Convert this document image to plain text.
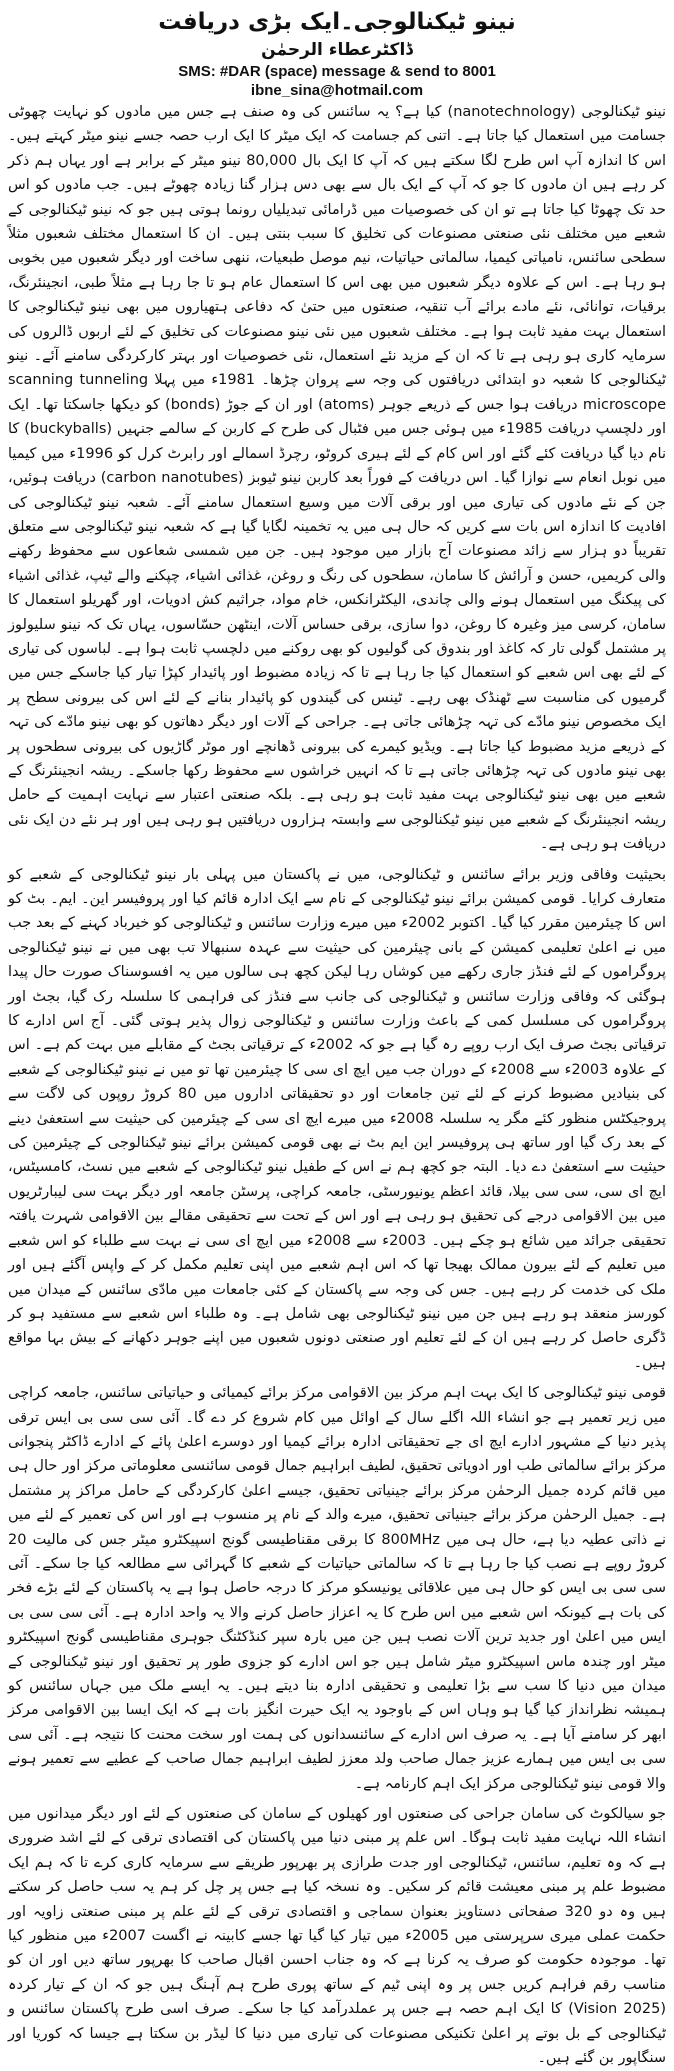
نینو ٹیکنالوجی۔ایک بڑی دریافت

ڈاکٹرعطاء الرحمٰن

SMS: #DAR (space) message & send to 8001

ibne_sina@hotmail.com

نینو ٹیکنالوجی (nanotechnology) کیا ہے؟ یہ سائنس کی وہ صنف ہے جس میں مادوں کو نہایت چھوٹی جسامت میں استعمال کیا جاتا ہے۔ اتنی کم جسامت کہ ایک میٹر کا ایک ارب حصہ جسے نینو میٹر کہتے ہیں۔ اس کا اندازہ آپ اس طرح لگا سکتے ہیں کہ آپ کا ایک بال 80,000 نینو میٹر کے برابر ہے اور یہاں ہم ذکر کر رہے ہیں ان مادوں کا جو کہ آپ کے ایک بال سے بھی دس ہزار گنا زیادہ چھوٹے ہیں۔ جب مادوں کو اس حد تک چھوٹا کیا جاتا ہے تو ان کی خصوصیات میں ڈرامائی تبدیلیاں رونما ہوتی ہیں جو کہ نینو ٹیکنالوجی کے شعبے میں مختلف نئی صنعتی مصنوعات کی تخلیق کا سبب بنتی ہیں۔ ان کا استعمال مختلف شعبوں مثلاً سطحی سائنس، نامیاتی کیمیا، سالماتی حیاتیات، نیم موصل طبعیات، ننھی ساخت اور دیگر شعبوں میں بخوبی ہو رہا ہے۔ اس کے علاوہ دیگر شعبوں میں بھی اس کا استعمال عام ہو تا جا رہا ہے مثلاً طبی، انجینئرنگ، برقیات، توانائی، نئے مادے برائے آب تنقیہ، صنعتوں میں حتیٰ کہ دفاعی ہتھیاروں میں بھی نینو ٹیکنالوجی کا استعمال بہت مفید ثابت ہوا ہے۔ مختلف شعبوں میں نئی نینو مصنوعات کی تخلیق کے لئے اربوں ڈالروں کی سرمایہ کاری ہو رہی ہے تا کہ ان کے مزید نئے استعمال، نئی خصوصیات اور بہتر کارکردگی سامنے آئے۔ نینو ٹیکنالوجی کا شعبہ دو ابتدائی دریافتوں کی وجہ سے پروان چڑھا۔ 1981ء میں پہلا scanning tunneling microscope دریافت ہوا جس کے ذریعے جوہر (atoms) اور ان کے جوڑ (bonds) کو دیکھا جاسکتا تھا۔ ایک اور دلچسپ دریافت 1985ء میں ہوئی جس میں فٹبال کی طرح کے کاربن کے سالمے جنہیں (buckyballs) کا نام دیا گیا دریافت کئے گئے اور اس کام کے لئے ہیری کروٹو، رچرڈ اسمالے اور رابرٹ کرل کو 1996ء میں کیمیا میں نوبل انعام سے نوازا گیا۔ اس دریافت کے فوراً بعد کاربن نینو ٹیوبز (carbon nanotubes) دریافت ہوئیں، جن کے نئے مادوں کی تیاری میں اور برقی آلات میں وسیع استعمال سامنے آئے۔ شعبہ نینو ٹیکنالوجی کی افادیت کا اندازہ اس بات سے کریں کہ حال ہی میں یہ تخمینہ لگایا گیا ہے کہ شعبہ نینو ٹیکنالوجی سے متعلق تقریباً دو ہزار سے زائد مصنوعات آج بازار میں موجود ہیں۔ جن میں شمسی شعاعوں سے محفوظ رکھنے والی کریمیں، حسن و آرائش کا سامان، سطحوں کی رنگ و روغن، غذائی اشیاء، چپکنے والے ٹیپ، غذائی اشیاء کی پیکنگ میں استعمال ہونے والی چاندی، الیکٹرانکس، خام مواد، جراثیم کش ادویات، اور گھریلو استعمال کا سامان، کرسی میز وغیرہ کا روغن، دوا سازی، برقی حساس آلات، اینٹھن حسّاسوں، یہاں تک کہ نینو سلیولوز پر مشتمل گولی تار کہ کاغذ اور بندوق کی گولیوں کو بھی روکنے میں دلچسپ ثابت ہوا ہے۔ لباسوں کی تیاری کے لئے بھی اس شعبے کو استعمال کیا جا رہا ہے تا کہ زیادہ مضبوط اور پائیدار کپڑا تیار کیا جاسکے جس میں گرمیوں کی مناسبت سے ٹھنڈک بھی رہے۔ ٹینس کی گیندوں کو پائیدار بنانے کے لئے اس کی بیرونی سطح پر ایک مخصوص نینو مادّے کی تہہ چڑھائی جاتی ہے۔ جراحی کے آلات اور دیگر دھاتوں کو بھی نینو مادّے کی تہہ کے ذریعے مزید مضبوط کیا جاتا ہے۔ ویڈیو کیمرے کی بیرونی ڈھانچے اور موٹر گاڑیوں کی بیرونی سطحوں پر بھی نینو مادوں کی تہہ چڑھائی جاتی ہے تا کہ انہیں خراشوں سے محفوظ رکھا جاسکے۔ ریشہ انجینئرنگ کے شعبے میں بھی نینو ٹیکنالوجی بہت مفید ثابت ہو رہی ہے۔ بلکہ صنعتی اعتبار سے نہایت اہمیت کے حامل ریشہ انجینئرنگ کے شعبے میں نینو ٹیکنالوجی سے وابستہ ہزاروں دریافتیں ہو رہی ہیں اور ہر نئے دن ایک نئی دریافت ہو رہی ہے۔

بحیثیت وفاقی وزیر برائے سائنس و ٹیکنالوجی، میں نے پاکستان میں پہلی بار نینو ٹیکنالوجی کے شعبے کو متعارف کرایا۔ قومی کمیشن برائے نینو ٹیکنالوجی کے نام سے ایک ادارہ قائم کیا اور پروفیسر این۔ ایم۔ بٹ کو اس کا چیئرمین مقرر کیا گیا۔ اکتوبر 2002ء میں میرے وزارت سائنس و ٹیکنالوجی کو خیرباد کہنے کے بعد جب میں نے اعلیٰ تعلیمی کمیشن کے بانی چیئرمین کی حیثیت سے عہدہ سنبھالا تب بھی میں نے نینو ٹیکنالوجی پروگراموں کے لئے فنڈز جاری رکھے میں کوشاں رہا لیکن کچھ ہی سالوں میں یہ افسوسناک صورت حال پیدا ہوگئی کہ وفاقی وزارت سائنس و ٹیکنالوجی کی جانب سے فنڈز کی فراہمی کا سلسلہ رک گیا، بجٹ اور پروگراموں کی مسلسل کمی کے باعث وزارت سائنس و ٹیکنالوجی زوال پذیر ہوتی گئی۔ آج اس ادارے کا ترقیاتی بجٹ صرف ایک ارب روپے رہ گیا ہے جو کہ 2002ء کے ترقیاتی بجٹ کے مقابلے میں بہت کم ہے۔ اس کے علاوہ 2003ء سے 2008ء کے دوران جب میں ایچ ای سی کا چیئرمین تھا تو میں نے نینو ٹیکنالوجی کے شعبے کی بنیادیں مضبوط کرنے کے لئے تین جامعات اور دو تحقیقاتی اداروں میں 80 کروڑ روپوں کی لاگت سے پروجیکٹس منظور کئے مگر یہ سلسلہ 2008ء میں میرے ایچ ای سی کے چیئرمین کی حیثیت سے استعفیٰ دینے کے بعد رک گیا اور ساتھ ہی پروفیسر این ایم بٹ نے بھی قومی کمیشن برائے نینو ٹیکنالوجی کے چیئرمین کی حیثیت سے استعفیٰ دے دیا۔ البتہ جو کچھ ہم نے اس کے طفیل نینو ٹیکنالوجی کے شعبے میں نسٹ، کامسیٹس، ایچ ای سی، سی سی بیلا، قائد اعظم یونیورسٹی، جامعہ کراچی، پرسٹن جامعہ اور دیگر بہت سی لیبارٹریوں میں بین الاقوامی درجے کی تحقیق ہو رہی ہے اور اس کے تحت سے تحقیقی مقالے بین الاقوامی شہرت یافتہ تحقیقی جرائد میں شائع ہو چکے ہیں۔ 2003ء سے 2008ء میں ایچ ای سی نے بہت سے طلباء کو اس شعبے میں تعلیم کے لئے بیرون ممالک بھیجا تھا کہ اس اہم شعبے میں اپنی تعلیم مکمل کر کے واپس آگئے ہیں اور ملک کی خدمت کر رہے ہیں۔ جس کی وجہ سے پاکستان کے کئی جامعات میں مادّی سائنس کے میدان میں کورسز منعقد ہو رہے ہیں جن میں نینو ٹیکنالوجی بھی شامل ہے۔ وہ طلباء اس شعبے سے مستفید ہو کر ڈگری حاصل کر رہے ہیں ان کے لئے تعلیم اور صنعتی دونوں شعبوں میں اپنے جوہر دکھانے کے بیش بہا مواقع ہیں۔

قومی نینو ٹیکنالوجی کا ایک بہت اہم مرکز بین الاقوامی مرکز برائے کیمیائی و حیاتیاتی سائنس، جامعہ کراچی میں زیر تعمیر ہے جو انشاء اللہ اگلے سال کے اوائل میں کام شروع کر دے گا۔ آئی سی سی بی ایس ترقی پذیر دنیا کے مشہور ادارے ایچ ای جے تحقیقاتی ادارہ برائے کیمیا اور دوسرے اعلیٰ پائے کے ادارے ڈاکٹر پنجوانی مرکز برائے سالماتی طب اور ادویاتی تحقیق، لطیف ابراہیم جمال قومی سائنسی معلوماتی مرکز اور حال ہی میں قائم کردہ جمیل الرحمٰن مرکز برائے جینیاتی تحقیق، جیسے اعلیٰ کارکردگی کے حامل مراکز پر مشتمل ہے۔ جمیل الرحمٰن مرکز برائے جینیاتی تحقیق، میرے والد کے نام پر منسوب ہے اور اس کی تعمیر کے لئے میں نے ذاتی عطیہ دیا ہے، حال ہی میں 800MHz کا برقی مقناطیسی گونج اسپیکٹرو میٹر جس کی مالیت 20 کروڑ روپے ہے نصب کیا جا رہا ہے تا کہ سالماتی حیاتیات کے شعبے کا گہرائی سے مطالعہ کیا جا سکے۔ آئی سی سی بی ایس کو حال ہی میں علاقائی یونیسکو مرکز کا درجہ حاصل ہوا ہے یہ پاکستان کے لئے بڑے فخر کی بات ہے کیونکہ اس شعبے میں اس طرح کا یہ اعزاز حاصل کرنے والا یہ واحد ادارہ ہے۔ آئی سی سی بی ایس میں اعلیٰ اور جدید ترین آلات نصب ہیں جن میں بارہ سپر کنڈکٹنگ جوہری مقناطیسی گونج اسپیکٹرو میٹر اور چندہ ماس اسپیکٹرو میٹر شامل ہیں جو اس ادارے کو جزوی طور پر تحقیق اور نینو ٹیکنالوجی کے میدان میں دنیا کا سب سے بڑا تعلیمی و تحقیقی ادارہ بنا دیتے ہیں۔ یہ ایسے ملک میں جہاں سائنس کو ہمیشہ نظرانداز کیا گیا ہو وہاں اس کے باوجود یہ ایک حیرت انگیز بات ہے کہ ایک ایسا بین الاقوامی مرکز ابھر کر سامنے آیا ہے۔ یہ صرف اس ادارے کے سائنسدانوں کی ہمت اور سخت محنت کا نتیجہ ہے۔ آئی سی سی بی ایس میں ہمارے عزیز جمال صاحب ولد معزز لطیف ابراہیم جمال صاحب کے عطیے سے تعمیر ہونے والا قومی نینو ٹیکنالوجی مرکز ایک اہم کارنامہ ہے۔

جو سیالکوٹ کی سامان جراحی کی صنعتوں اور کھیلوں کے سامان کی صنعتوں کے لئے اور دیگر میدانوں میں انشاء اللہ نہایت مفید ثابت ہوگا۔ اس علم پر مبنی دنیا میں پاکستان کی اقتصادی ترقی کے لئے اشد ضروری ہے کہ وہ تعلیم، سائنس، ٹیکنالوجی اور جدت طرازی پر بھرپور طریقے سے سرمایہ کاری کرے تا کہ ہم ایک مضبوط علم پر مبنی معیشت قائم کر سکیں۔ وہ نسخہ کیا ہے جس پر چل کر ہم یہ سب حاصل کر سکتے ہیں وہ دو 320 صفحاتی دستاویز بعنوان سماجی و اقتصادی ترقی کے لئے علم پر مبنی صنعتی زاویہ اور حکمت عملی میری سرپرستی میں 2005ء میں تیار کیا گیا تھا جسے کابینہ نے اگست 2007ء میں منظور کیا تھا۔ موجودہ حکومت کو صرف یہ کرنا ہے کہ وہ جناب احسن اقبال صاحب کا بھرپور ساتھ دیں اور ان کو مناسب رقم فراہم کریں جس پر وہ اپنی ٹیم کے ساتھ پوری طرح ہم آہنگ ہیں جو کہ ان کے تیار کردہ (Vision 2025) کا ایک اہم حصہ ہے جس پر عملدرآمد کیا جا سکے۔ صرف اسی طرح پاکستان سائنس و ٹیکنالوجی کے بل بوتے پر اعلیٰ تکنیکی مصنوعات کی تیاری میں دنیا کا لیڈر بن سکتا ہے جیسا کہ کوریا اور سنگاپور بن گئے ہیں۔
